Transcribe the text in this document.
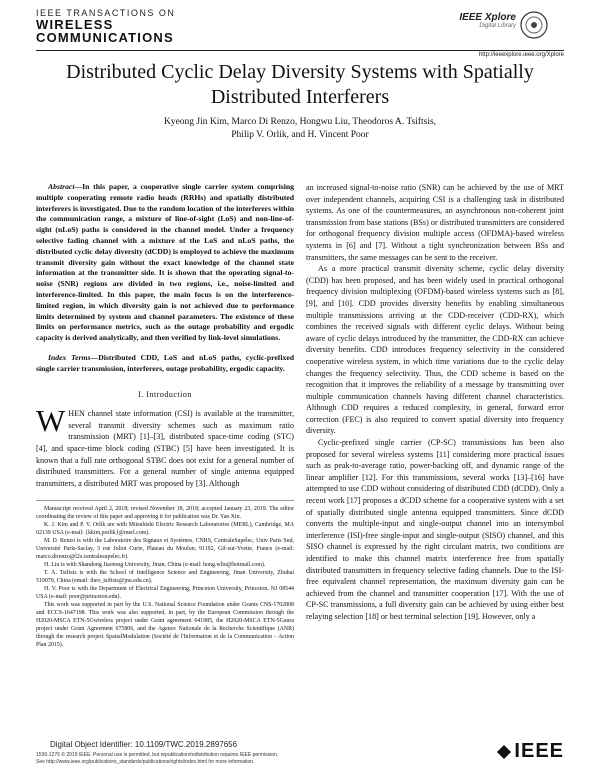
IEEE TRANSACTIONS ON
WIRELESS
COMMUNICATIONS
IEEE Xplore
Digital Library
http://ieeexplore.ieee.org/Xplore
Distributed Cyclic Delay Diversity Systems with Spatially Distributed Interferers
Kyeong Jin Kim, Marco Di Renzo, Hongwu Liu, Theodoros A. Tsiftsis,
Philip V. Orlik, and H. Vincent Poor

Abstract—In this paper, a cooperative single carrier system comprising multiple cooperating remote radio heads (RRHs) and spatially distributed interferers is investigated. Due to the random location of the interferers within the communication range, a mixture of line-of-sight (LoS) and non-line-of-sight (nLoS) paths is considered in the channel model. Under a frequency selective fading channel with a mixture of the LoS and nLoS paths, the distributed cyclic delay diversity (dCDD) is employed to achieve the maximum transmit diversity gain without the exact knowledge of the channel state information at the transmitter side. It is shown that the operating signal-to-noise (SNR) regions are divided in two regions, i.e., noise-limited and interference-limited. In this paper, the main focus is on the interference-limited region, in which diversity gain is not achieved due to performance limits determined by system and channel parameters. The existence of these limits on performance metrics, such as the outage probability and ergodic capacity is derived analytically, and then verified by link-level simulations.

Index Terms—Distributed CDD, LoS and nLoS paths, cyclic-prefixed single carrier transmission, interferers, outage probability, ergodic capacity.

I. Introduction

WHEN channel state information (CSI) is available at the transmitter, several transmit diversity schemes such as maximum ratio transmission (MRT) [1]–[3], distributed space-time coding (STC) [4], and space-time block coding (STBC) [5] have been investigated. It is known that a full rate orthogonal STBC does not exist for a general number of distributed transmitters. For a general number of single antenna equipped transmitters, a distributed MRT was proposed by [3]. Although

Manuscript received April 2, 2018; revised November 18, 2018; accepted January 23, 2019. The editor coordinating the review of this paper and approving it for publication was Dr. Yan Xin.

K. J. Kim and P. V. Orlik are with Mitsubishi Electric Research Laboratories (MERL), Cambridge, MA 02139 USA (e-mail: {kkim,porlik}@merl.com).

M. D. Renzo is with the Laboratoire des Signaux et Systèmes, CNRS, CentraleSupélec, Univ Paris Sud, Université Paris-Saclay, 3 rue Joliot Curie, Plateau du Moulon, 91192, Gif-sur-Yvette, France (e-mail: marco.direnzo@l2s.centralesupelec.fr).

H. Liu is with Shandong Jiaotong University, Jinan, China (e-mail: hong.wliu@hotmail.com).

T. A. Tsiftsis is with the School of Intelligence Science and Engineering, Jinan University, Zhuhai 519070, China (email: theo_tsiftsis@jnu.edu.cn).

H. V. Poor is with the Department of Electrical Engineering, Princeton University, Princeton, NJ 08544 USA (e-mail: poor@princeton.edu).

This work was supported in part by the U.S. National Science Foundation under Grants CNS-1702808 and ECCS-1647198. This work was also supported, in part, by the European Commission through the H2020-MSCA ETN-5Gwireless project under Grant agreement 641985, the H2020-MSCA ETN-5Gaura project under Grant Agreement 675806, and the Agence Nationale de la Recherche Scientifique (ANR) through the research project SpatialModulation (Société de l'Information et de la Communication - Action Plan 2015).

an increased signal-to-noise ratio (SNR) can be achieved by the use of MRT over independent channels, acquiring CSI is a challenging task in distributed systems. As one of the countermeasures, an asynchronous non-coherent joint transmission from base stations (BSs) or distributed transmitters are considered for orthogonal frequency division multiple access (OFDMA)-based wireless systems in [6] and [7]. Without a tight synchronization between BSs and transmitters, the same messages can be sent to the receiver.

As a more practical transmit diversity scheme, cyclic delay diversity (CDD) has been proposed, and has been widely used in practical orthogonal frequency division multiplexing (OFDM)-based wireless systems such as [8], [9], and [10]. CDD provides diversity benefits by enabling simultaneous multiple transmissions arriving at the CDD-receiver (CDD-RX), which combines the received signals with different cyclic delays. Without being aware of cyclic delays introduced by the transmitter, the CDD-RX can achieve diversity benefits. CDD introduces frequency selectivity in the considered cooperative wireless system, in which time variations due to the cyclic delay changes the frequency selectivity. Thus, the CDD scheme is based on the recognition that it improves the reliability of a message by transmitting over multiple communication channels having different channel characteristics. Although CDD requires a reduced complexity, in general, forward error correction (FEC) is also required to convert spatial diversity into frequency diversity.

Cyclic-prefixed single carrier (CP-SC) transmissions has been also proposed for several wireless systems [11] considering more practical issues such as peak-to-average ratio, power-backing off, and dynamic range of the linear amplifier [12]. For this transmissions, several works [13]–[16] have attempted to use CDD without considering of distributed CDD (dCDD). Only a recent work [17] proposes a dCDD scheme for a cooperative system with a set of spatially distributed single antenna equipped transmitters. Since dCDD converts the multiple-input and single-output channel into an intersymbol interference (ISI)-free single-input and single-output (SISO) channel, and this SISO channel is expressed by the right circulant matrix, two conditions are identified to make this channel matrix interference free from spatially distributed transmitters in frequency selective fading channels. Due to the ISI-free equivalent channel representation, the maximum diversity gain can be achieved from the channel and transmitter cooperation [17]. With the use of CP-SC transmissions, a full diversity gain can be achieved by using either best relaying selection [18] or best terminal selection [19]. However, only a

Digital Object Identifier: 10.1109/TWC.2019.2897656
1536-1276 © 2019 IEEE. Personal use is permitted, but republication/redistribution requires IEEE permission.
See http://www.ieee.org/publications_standards/publications/rights/index.html for more information.	IEEE
